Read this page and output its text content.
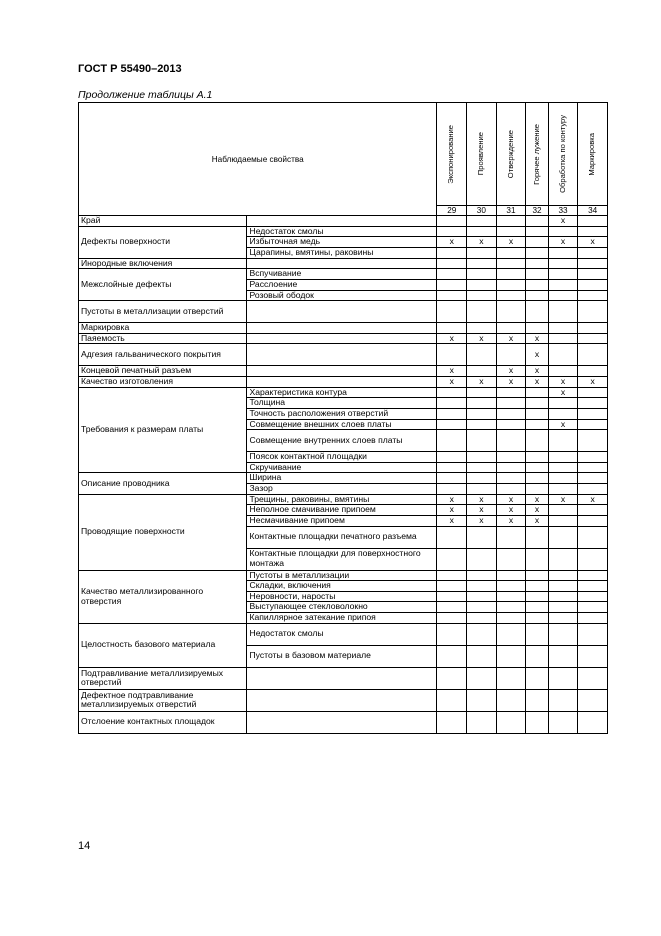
ГОСТ Р 55490–2013
Продолжение таблицы А.1
Наблюдаемые свойства		Экспонирование	Проявление	Отверждение	Горячее лужение	Обработка по контуру	Маркировка

		29	30	31	32	33	34
Край						x	
Дефекты поверхности	Недостаток смолы						
	Избыточная медь	x	x	x		x	x
	Царапины, вмятины, раковины						
Инородные включения							
Межслойные дефекты	Вспучивание						
	Расслоение						
	Розовый ободок						
Пустоты в металлизации отверстий							
Маркировка							
Паяемость		x	x	x	x		
Адгезия гальванического покрытия					x		
Концевой печатный разъем		x		x	x		
Качество изготовления		x	x	x	x	x	x
Требования к размерам платы	Характеристика контура					x	
	Толщина						
	Точность расположения отверстий						
	Совмещение внешних слоев платы					x	
	Совмещение внутренних слоев платы						
	Поясок контактной площадки						
	Скручивание						
Описание проводника	Ширина						
	Зазор						
Проводящие поверхности	Трещины, раковины, вмятины	x	x	x	x	x	x
	Неполное смачивание припоем	x	x	x	x		
	Несмачивание припоем	x	x	x	x		
	Контактные площадки печатного разъема						
	Контактные площадки для поверхностного монтажа						
Качество металлизированного отверстия	Пустоты в металлизации						
	Складки, включения						
	Неровности, наросты						
	Выступающее стекловолокно						
	Капиллярное затекание припоя						
Целостность базового материала	Недостаток смолы						
	Пустоты в базовом материале						
Подтравливание металлизируемых отверстий							
Дефектное подтравливание металлизируемых отверстий							
Отслоение контактных площадок							
14
